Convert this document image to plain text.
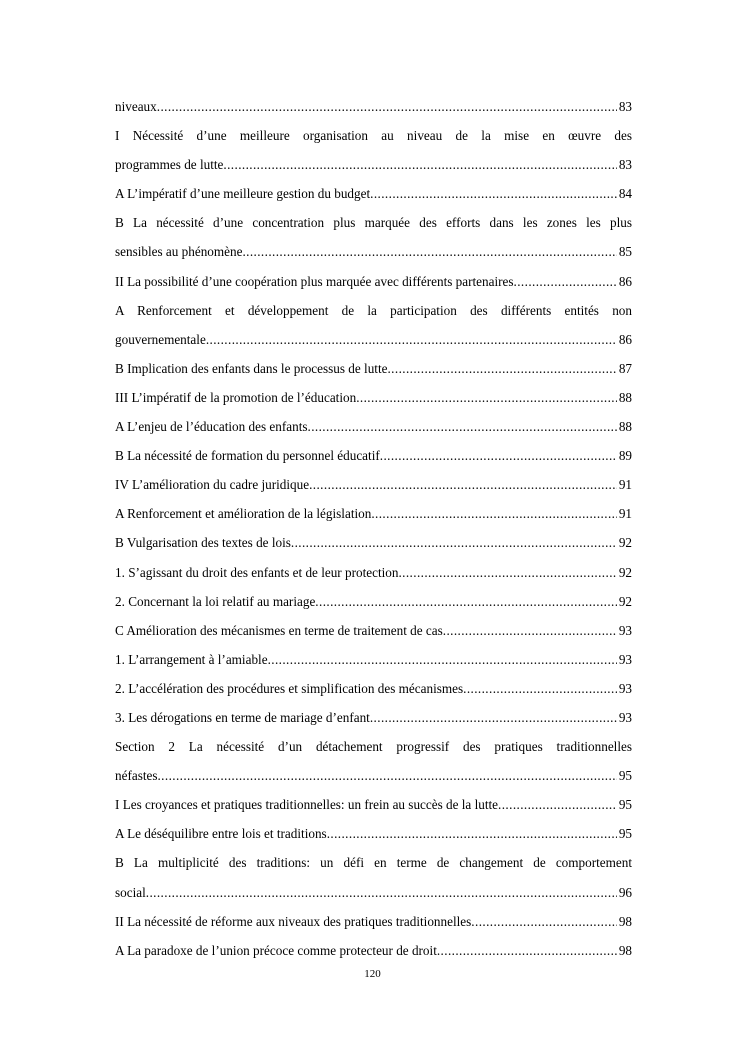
niveaux .....	83
I Nécessité d’une meilleure organisation au niveau de la mise en œuvre des
programmes de lutte .....	83
A L’impératif d’une meilleure gestion du budget .....	84
B La nécessité d’une concentration plus marquée des efforts dans les zones les plus
sensibles au phénomène .....	85
II La possibilité d’une coopération plus marquée avec différents partenaires .....	86
A Renforcement et développement de la participation des différents entités non
gouvernementale .....	86
B Implication des enfants dans le processus de lutte .....	87
III L’impératif de la promotion de l’éducation .....	88
A L’enjeu de l’éducation des enfants .....	88
B La nécessité de formation du personnel éducatif .....	89
IV L’amélioration du cadre juridique .....	91
A Renforcement et amélioration de la législation .....	91
B Vulgarisation des textes de lois .....	92
1. S’agissant du droit des enfants et de leur protection .....	92
2. Concernant la loi relatif au mariage .....	92
C Amélioration des mécanismes en terme de traitement de cas .....	93
1. L’arrangement à l’amiable .....	93
2. L’accélération des procédures et simplification des mécanismes .....	93
3. Les dérogations en terme de mariage d’enfant .....	93
Section 2 La nécessité d’un détachement progressif des pratiques traditionnelles
néfastes .....	95
I Les croyances et pratiques traditionnelles: un frein au succès de la lutte .....	95
A Le déséquilibre entre lois et traditions .....	95
B La multiplicité des traditions: un défi en terme de changement de comportement
social .....	96
II La nécessité de réforme aux niveaux des pratiques traditionnelles .....	98
A La paradoxe de l’union précoce comme protecteur de droit .....	98
120
